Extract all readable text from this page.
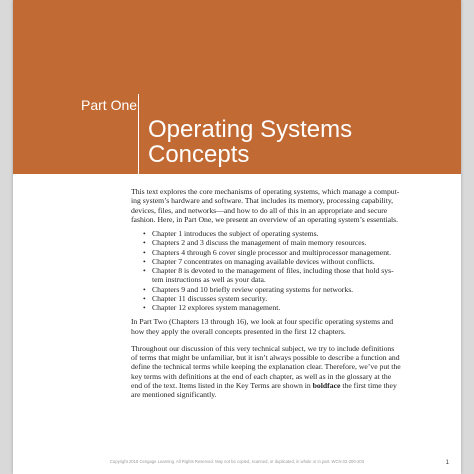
Part One
Operating Systems
Concepts

This text explores the core mechanisms of operating systems, which manage a comput-
ing system’s hardware and software. That includes its memory, processing capability,
devices, files, and networks—and how to do all of this in an appropriate and secure
fashion. Here, in Part One, we present an overview of an operating system’s essentials.

• Chapter 1 introduces the subject of operating systems.
• Chapters 2 and 3 discuss the management of main memory resources.
• Chapters 4 through 6 cover single processor and multiprocessor management.
• Chapter 7 concentrates on managing available devices without conflicts.
• Chapter 8 is devoted to the management of files, including those that hold sys-
tem instructions as well as your data.
• Chapters 9 and 10 briefly review operating systems for networks.
• Chapter 11 discusses system security.
• Chapter 12 explores system management.

In Part Two (Chapters 13 through 16), we look at four specific operating systems and
how they apply the overall concepts presented in the first 12 chapters.

Throughout our discussion of this very technical subject, we try to include definitions
of terms that might be unfamiliar, but it isn’t always possible to describe a function and
define the technical terms while keeping the explanation clear. Therefore, we’ve put the
key terms with definitions at the end of each chapter, as well as in the glossary at the
end of the text. Items listed in the Key Terms are shown in boldface the first time they
are mentioned significantly.

Copyright 2018 Cengage Learning. All Rights Reserved. May not be copied, scanned, or duplicated, in whole or in part. WCN 02-200-203	1
